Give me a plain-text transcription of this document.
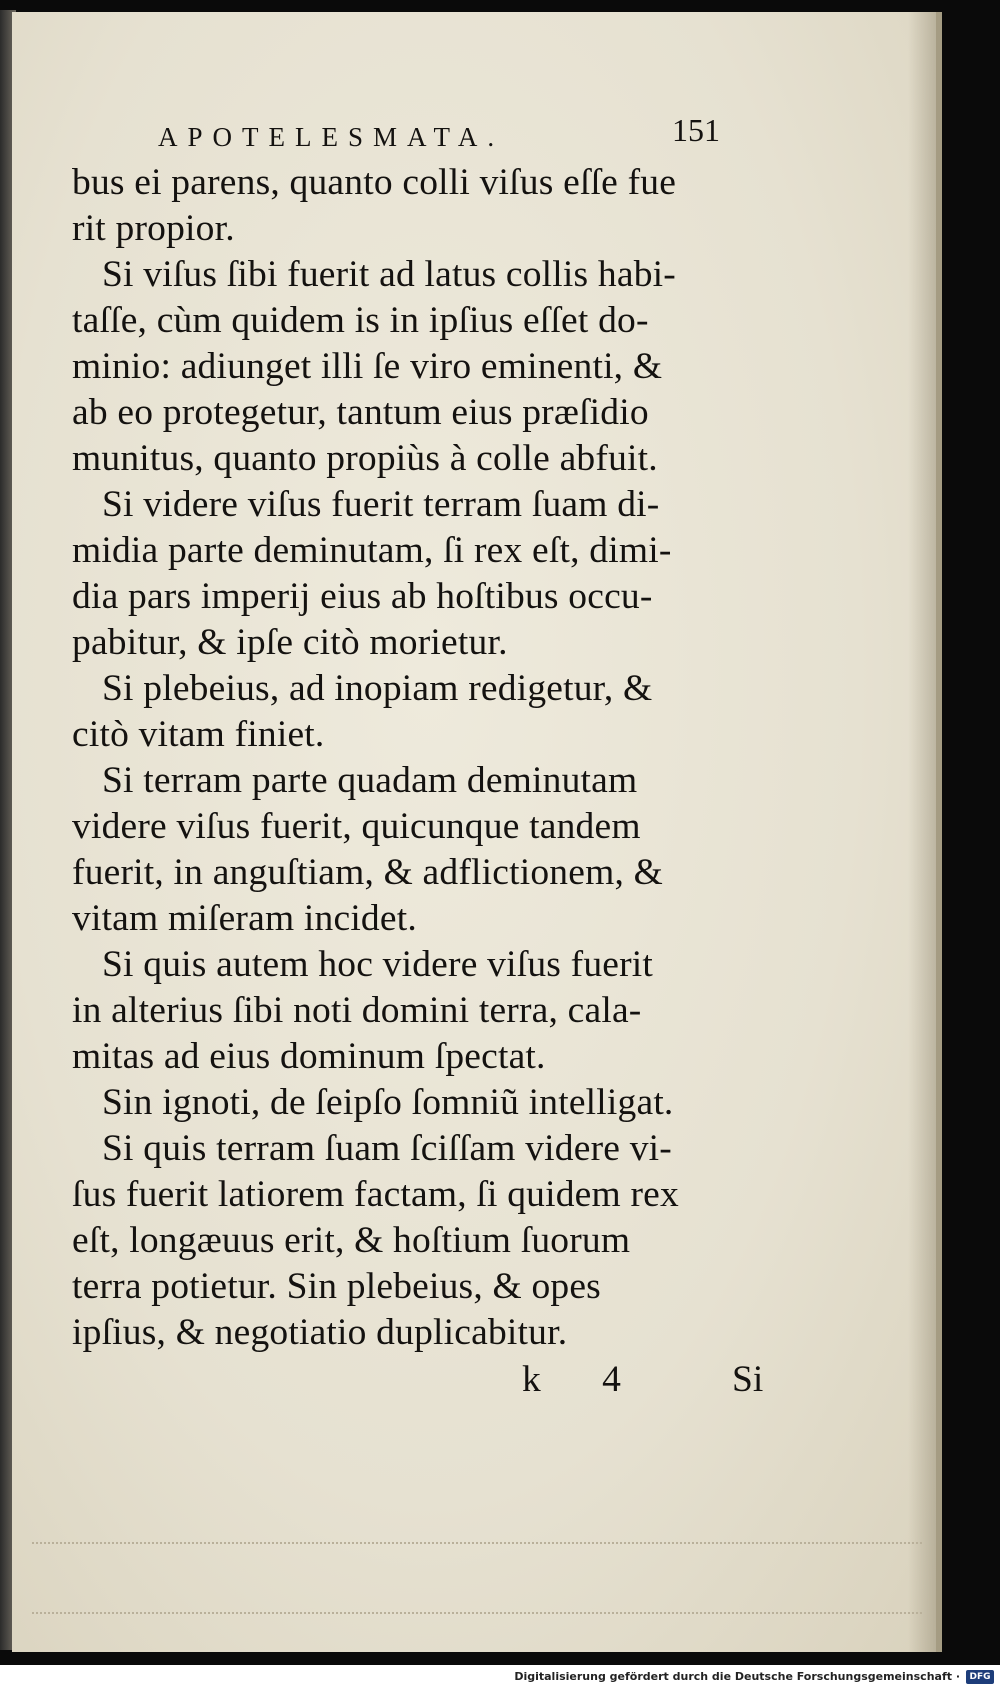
APOTELESMATA.	151

bus ei parens, quanto colli viſus eſſe fue
rit propior.
Si viſus ſibi fuerit ad latus collis habi-
taſſe, cùm quidem is in ipſius eſſet do-
minio: adiunget illi ſe viro eminenti, &
ab eo protegetur, tantum eius præſidio
munitus, quanto propiùs à colle abfuit.
Si videre viſus fuerit terram ſuam di-
midia parte deminutam, ſi rex eſt, dimi-
dia pars imperij eius ab hoſtibus occu-
pabitur, & ipſe citò morietur.
Si plebeius, ad inopiam redigetur, &
citò vitam finiet.
Si terram parte quadam deminutam
videre viſus fuerit, quicunque tandem
fuerit, in anguſtiam, & adflictionem, &
vitam miſeram incidet.
Si quis autem hoc videre viſus fuerit
in alterius ſibi noti domini terra, cala-
mitas ad eius dominum ſpectat.
Sin ignoti, de ſeipſo ſomniũ intelligat.
Si quis terram ſuam ſciſſam videre vi-
ſus fuerit latiorem factam, ſi quidem rex
eſt, longæuus erit, & hoſtium ſuorum
terra potietur. Sin plebeius, & opes
ipſius, & negotiatio duplicabitur.

k 4 Si
Digitalisierung gefördert durch die Deutsche Forschungsgemeinschaft ·	DFG
